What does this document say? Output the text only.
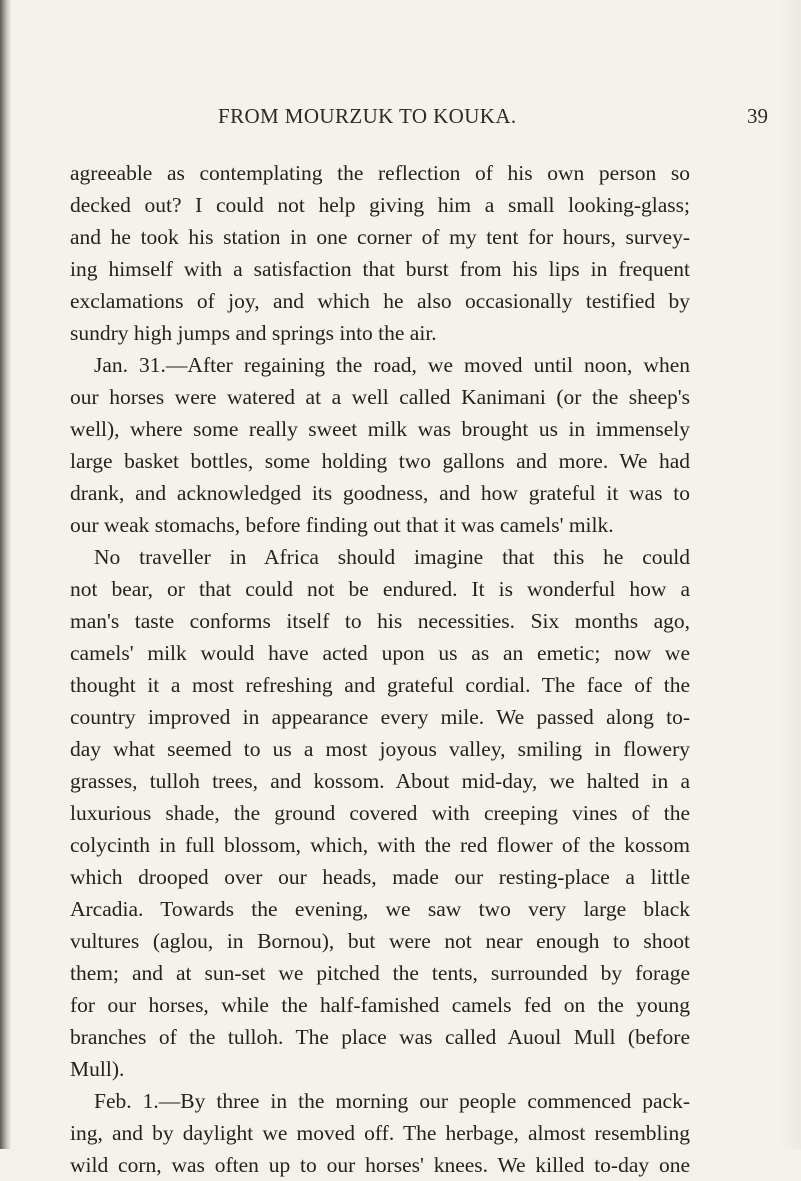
FROM MOURZUK TO KOUKA.	39
agreeable as contemplating the reflection of his own person so
decked out? I could not help giving him a small looking-glass;
and he took his station in one corner of my tent for hours, survey-
ing himself with a satisfaction that burst from his lips in frequent
exclamations of joy, and which he also occasionally testified by
sundry high jumps and springs into the air.
Jan. 31.—After regaining the road, we moved until noon, when
our horses were watered at a well called Kanimani (or the sheep's
well), where some really sweet milk was brought us in immensely
large basket bottles, some holding two gallons and more. We had
drank, and acknowledged its goodness, and how grateful it was to
our weak stomachs, before finding out that it was camels' milk.
No traveller in Africa should imagine that this he could
not bear, or that could not be endured. It is wonderful how a
man's taste conforms itself to his necessities. Six months ago,
camels' milk would have acted upon us as an emetic; now we
thought it a most refreshing and grateful cordial. The face of the
country improved in appearance every mile. We passed along to-
day what seemed to us a most joyous valley, smiling in flowery
grasses, tulloh trees, and kossom. About mid-day, we halted in a
luxurious shade, the ground covered with creeping vines of the
colycinth in full blossom, which, with the red flower of the kossom
which drooped over our heads, made our resting-place a little
Arcadia. Towards the evening, we saw two very large black
vultures (aglou, in Bornou), but were not near enough to shoot
them; and at sun-set we pitched the tents, surrounded by forage
for our horses, while the half-famished camels fed on the young
branches of the tulloh. The place was called Auoul Mull (before
Mull).
Feb. 1.—By three in the morning our people commenced pack-
ing, and by daylight we moved off. The herbage, almost resembling
wild corn, was often up to our horses' knees. We killed to-day one
